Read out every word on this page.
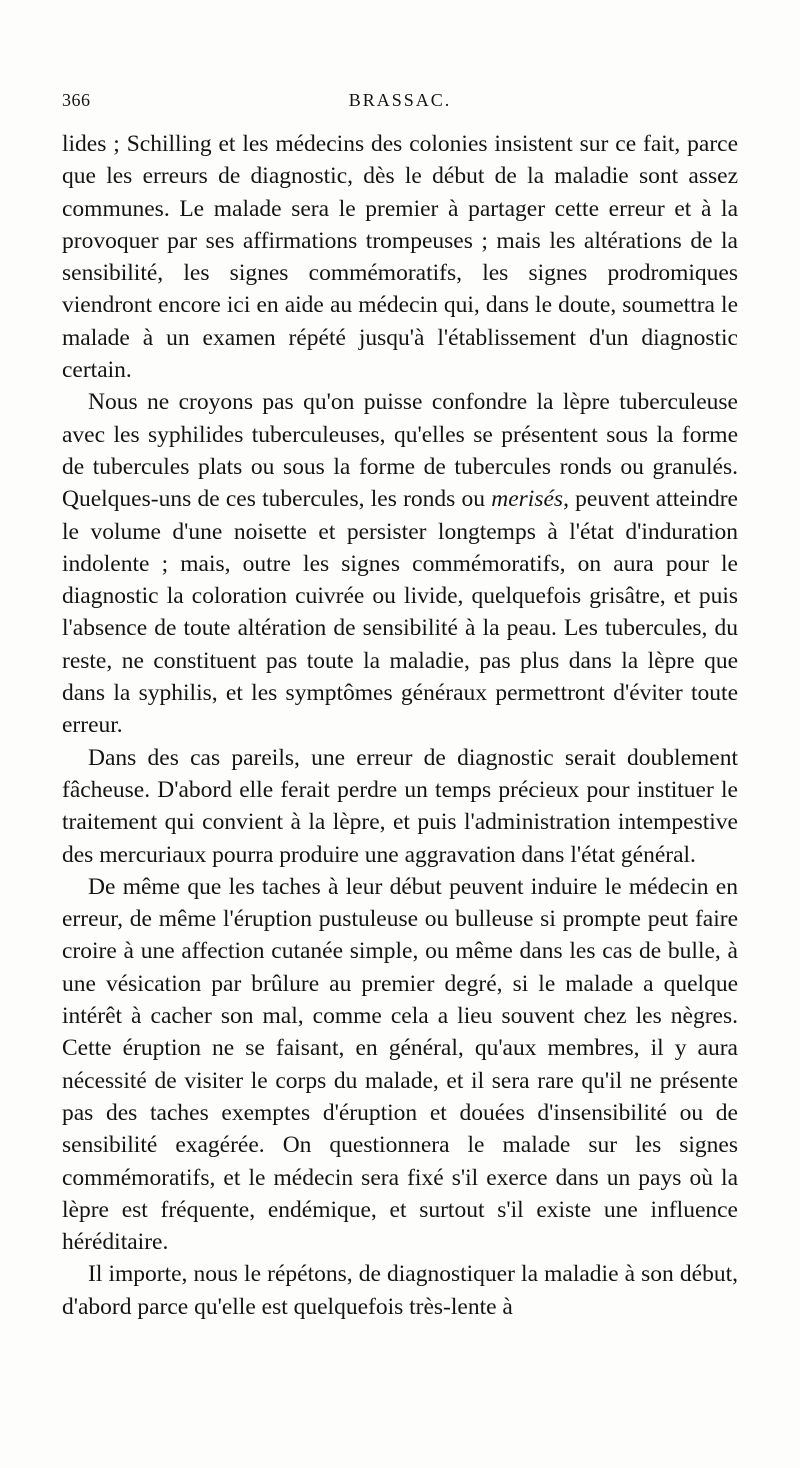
366	BRASSAC.

lides ; Schilling et les médecins des colonies insistent sur ce fait, parce que les erreurs de diagnostic, dès le début de la maladie sont assez communes. Le malade sera le premier à partager cette erreur et à la provoquer par ses affirmations trompeuses ; mais les altérations de la sensibilité, les signes commémoratifs, les signes prodromiques viendront encore ici en aide au médecin qui, dans le doute, soumettra le malade à un examen répété jusqu'à l'établissement d'un diagnostic certain.

Nous ne croyons pas qu'on puisse confondre la lèpre tuberculeuse avec les syphilides tuberculeuses, qu'elles se présentent sous la forme de tubercules plats ou sous la forme de tubercules ronds ou granulés. Quelques-uns de ces tubercules, les ronds ou merisés, peuvent atteindre le volume d'une noisette et persister longtemps à l'état d'induration indolente ; mais, outre les signes commémoratifs, on aura pour le diagnostic la coloration cuivrée ou livide, quelquefois grisâtre, et puis l'absence de toute altération de sensibilité à la peau. Les tubercules, du reste, ne constituent pas toute la maladie, pas plus dans la lèpre que dans la syphilis, et les symptômes généraux permettront d'éviter toute erreur.

Dans des cas pareils, une erreur de diagnostic serait doublement fâcheuse. D'abord elle ferait perdre un temps précieux pour instituer le traitement qui convient à la lèpre, et puis l'administration intempestive des mercuriaux pourra produire une aggravation dans l'état général.

De même que les taches à leur début peuvent induire le médecin en erreur, de même l'éruption pustuleuse ou bulleuse si prompte peut faire croire à une affection cutanée simple, ou même dans les cas de bulle, à une vésication par brûlure au premier degré, si le malade a quelque intérêt à cacher son mal, comme cela a lieu souvent chez les nègres. Cette éruption ne se faisant, en général, qu'aux membres, il y aura nécessité de visiter le corps du malade, et il sera rare qu'il ne présente pas des taches exemptes d'éruption et douées d'insensibilité ou de sensibilité exagérée. On questionnera le malade sur les signes commémoratifs, et le médecin sera fixé s'il exerce dans un pays où la lèpre est fréquente, endémique, et surtout s'il existe une influence héréditaire.

Il importe, nous le répétons, de diagnostiquer la maladie à son début, d'abord parce qu'elle est quelquefois très-lente à
